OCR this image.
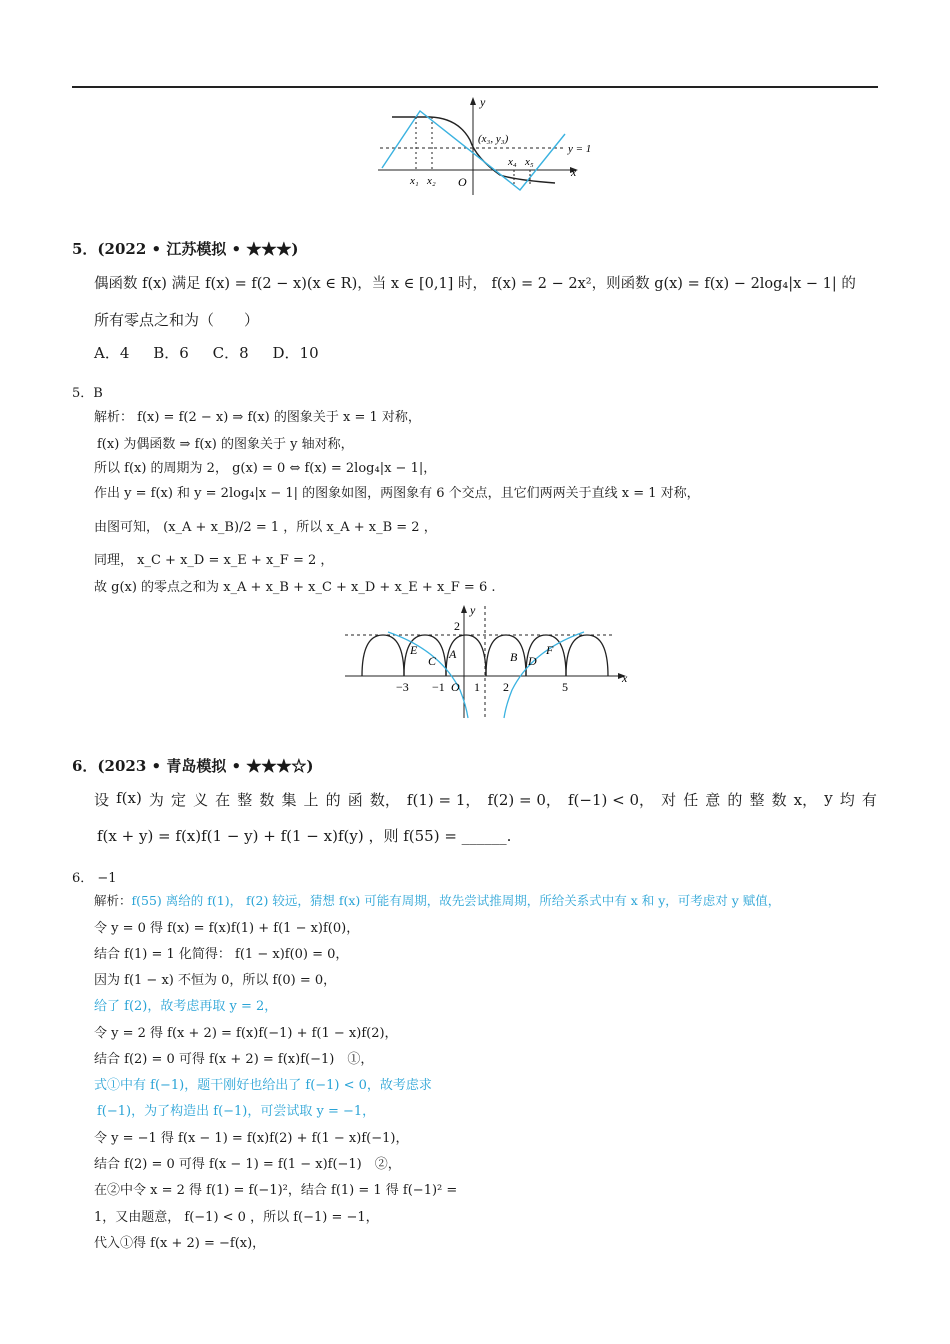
y
x
O
(x₃, y₃)
y = 1
x₁ x₂
x₄ x₅
5．(2022 • 江苏模拟 • ★★★)
偶函数 f(x) 满足 f(x) = f(2 − x)(x ∈ R)，当 x ∈ [0,1] 时， f(x) = 2 − 2x²，则函数 g(x) = f(x) − 2log₄|x − 1| 的
所有零点之和为（　　）
A．4 B．6 C．8 D．10
5．B
解析： f(x) = f(2 − x) ⇒ f(x) 的图象关于 x = 1 对称，
f(x) 为偶函数 ⇒ f(x) 的图象关于 y 轴对称，
所以 f(x) 的周期为 2， g(x) = 0 ⇔ f(x) = 2log₄|x − 1|，
作出 y = f(x) 和 y = 2log₄|x − 1| 的图象如图，两图象有 6 个交点，且它们两两关于直线 x = 1 对称，
由图可知， (x_A + x_B)/2 = 1 ，所以 x_A + x_B = 2 ，
同理， x_C + x_D = x_E + x_F = 2 ，
故 g(x) 的零点之和为 x_A + x_B + x_C + x_D + x_E + x_F = 6 .
y
x
2
O
−3 −1 1 2	5
A	B
C	D
E	F
6．(2023 • 青岛模拟 • ★★★☆)
设 f(x) 为 定 义 在 整 数 集 上 的 函 数， f(1) = 1， f(2) = 0， f(−1) < 0， 对 任 意 的 整 数 x， y 均 有
f(x + y) = f(x)f(1 − y) + f(1 − x)f(y) ，则 f(55) = ______.
6． −1
解析：f(55) 离给的 f(1)， f(2) 较远，猜想 f(x) 可能有周期，故先尝试推周期，所给关系式中有 x 和 y，可考虑对 y 赋值，
令 y = 0 得 f(x) = f(x)f(1) + f(1 − x)f(0)，
结合 f(1) = 1 化简得： f(1 − x)f(0) = 0，
因为 f(1 − x) 不恒为 0，所以 f(0) = 0，
给了 f(2)，故考虑再取 y = 2，
令 y = 2 得 f(x + 2) = f(x)f(−1) + f(1 − x)f(2)，
结合 f(2) = 0 可得 f(x + 2) = f(x)f(−1)　①，
式①中有 f(−1)，题干刚好也给出了 f(−1) < 0，故考虑求
f(−1)，为了构造出 f(−1)，可尝试取 y = −1，
令 y = −1 得 f(x − 1) = f(x)f(2) + f(1 − x)f(−1)，
结合 f(2) = 0 可得 f(x − 1) = f(1 − x)f(−1)　②，
在②中令 x = 2 得 f(1) = f(−1)²，结合 f(1) = 1 得 f(−1)² =
1，又由题意， f(−1) < 0 ，所以 f(−1) = −1，
代入①得 f(x + 2) = −f(x)，
